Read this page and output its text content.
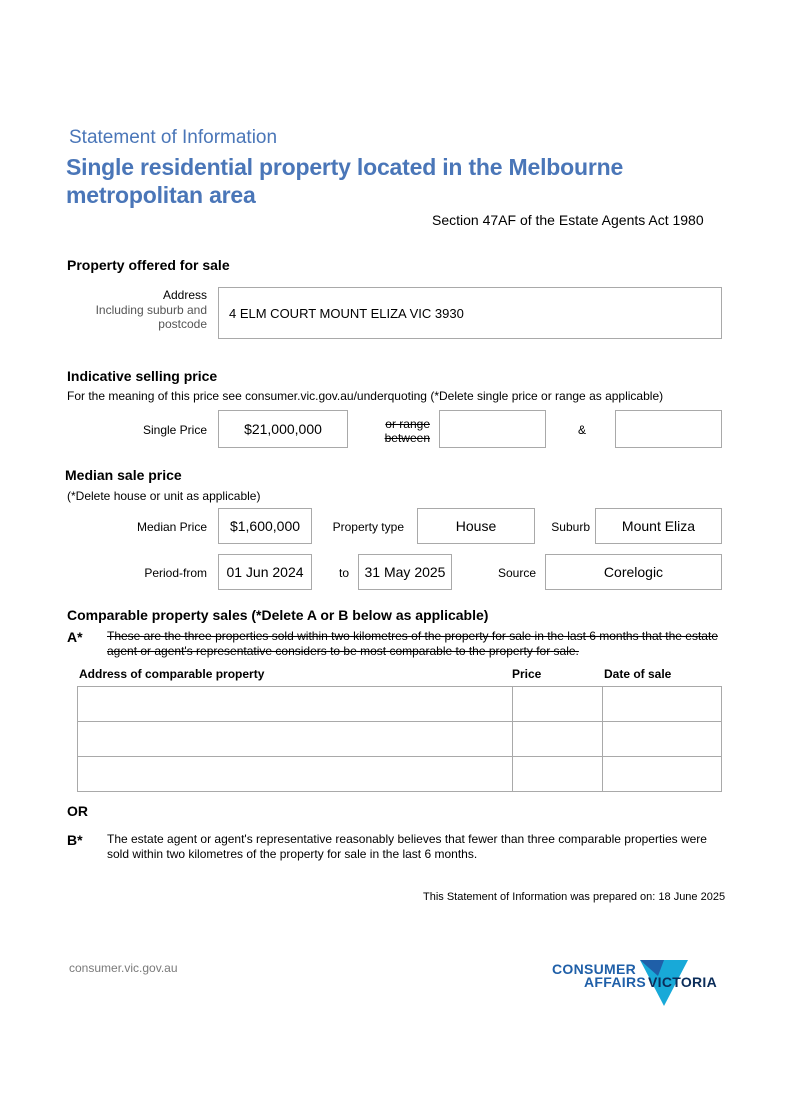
Statement of Information
Single residential property located in the Melbourne metropolitan area
Section 47AF of the Estate Agents Act 1980
Property offered for sale
Address
Including suburb and postcode
4 ELM COURT MOUNT ELIZA VIC 3930
Indicative selling price
For the meaning of this price see consumer.vic.gov.au/underquoting (*Delete single price or range as applicable)
Single Price	$21,000,000	or range
between
&
Median sale price
(*Delete house or unit as applicable)
Median Price	$1,600,000	Property type	House	Suburb	Mount Eliza
Period-from	01 Jun 2024	to	31 May 2025	Source	Corelogic
Comparable property sales (*Delete A or B below as applicable)
A* These are the three properties sold within two kilometres of the property for sale in the last 6 months that the estate agent or agent's representative considers to be most comparable to the property for sale.
Address of comparable property	Price	Date of sale

OR
B* The estate agent or agent's representative reasonably believes that fewer than three comparable properties were sold within two kilometres of the property for sale in the last 6 months.
This Statement of Information was prepared on: 18 June 2025
consumer.vic.gov.au	CONSUMER
AFFAIRS VICTORIA
